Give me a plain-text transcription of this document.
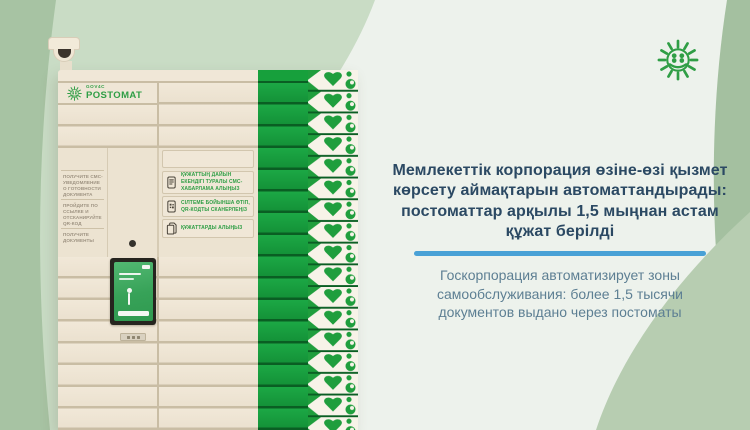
GOV4C
POSTOMAT
ПОЛУЧИТЕ СМС-УВЕДОМЛЕНИЕ О ГОТОВНОСТИ ДОКУМЕНТА
ПРОЙДИТЕ ПО ССЫЛКЕ И ОТСКАНИРУЙТЕ QR-КОД
ПОЛУЧИТЕ ДОКУМЕНТЫ
ҚҰЖАТТЫҢ ДАЙЫН ЕКЕНДІГІ ТУРАЛЫ СМС-ХАБАРЛАМА АЛЫҢЫЗ
СІЛТЕМЕ БОЙЫНША ӨТІП, QR-КОДТЫ СКАНЕРЛЕҢІЗ
ҚҰЖАТТАРДЫ АЛЫҢЫЗ
Мемлекеттік корпорация өзіне-өзі қызмет көрсету аймақтарын автоматтандырады: постоматтар арқылы 1,5 мыңнан астам құжат берілді

Госкорпорация автоматизирует зоны самообслуживания: более 1,5 тысячи документов выдано через постоматы
